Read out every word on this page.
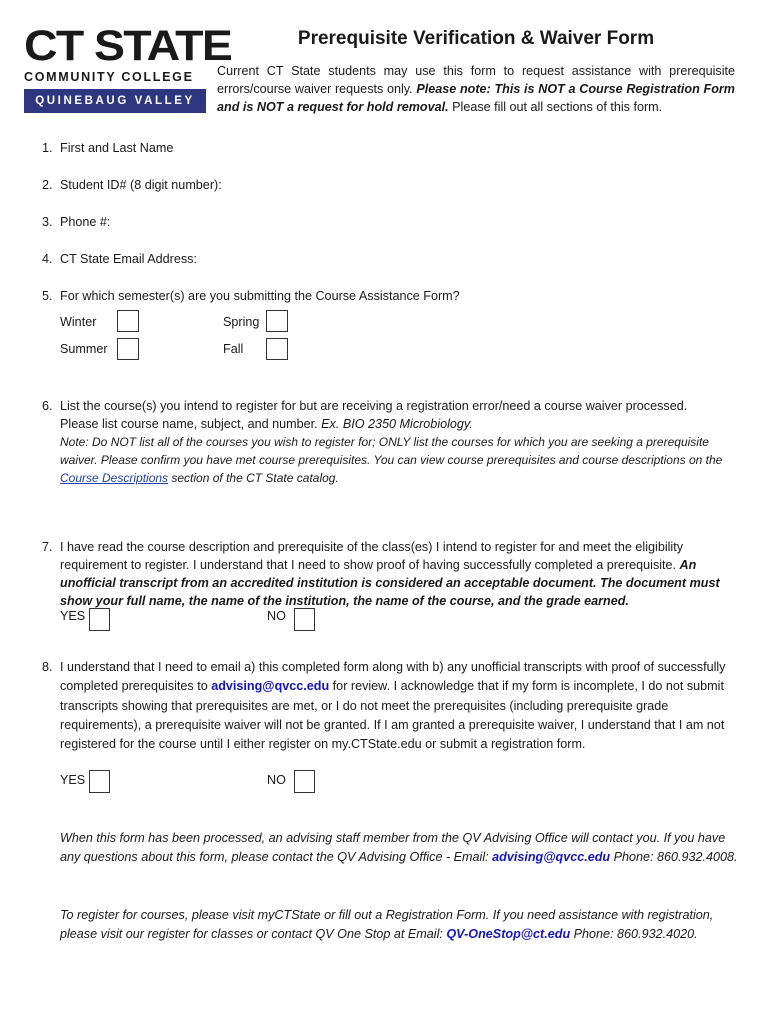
CT STATE
COMMUNITY COLLEGE
QUINEBAUG VALLEY
Prerequisite Verification & Waiver Form
Current CT State students may use this form to request assistance with prerequisite errors/course waiver requests only. Please note: This is NOT a Course Registration Form and is NOT a request for hold removal. Please fill out all sections of this form.
1. First and Last Name
2. Student ID# (8 digit number):
3. Phone #:
4. CT State Email Address:
5. For which semester(s) are you submitting the Course Assistance Form?
Winter	Spring
Summer	Fall
6. List the course(s) you intend to register for but are receiving a registration error/need a course waiver processed.
Please list course name, subject, and number. Ex. BIO 2350 Microbiology.
Note: Do NOT list all of the courses you wish to register for; ONLY list the courses for which you are seeking a prerequisite waiver. Please confirm you have met course prerequisites. You can view course prerequisites and course descriptions on the
Course Descriptions section of the CT State catalog.
7. I have read the course description and prerequisite of the class(es) I intend to register for and meet the eligibility requirement to register. I understand that I need to show proof of having successfully completed a prerequisite. An unofficial transcript from an accredited institution is considered an acceptable document. The document must show your full name, the name of the institution, the name of the course, and the grade earned.
YES	NO
8. I understand that I need to email a) this completed form along with b) any unofficial transcripts with proof of successfully completed prerequisites to advising@qvcc.edu for review. I acknowledge that if my form is incomplete, I do not submit transcripts showing that prerequisites are met, or I do not meet the prerequisites (including prerequisite grade requirements), a prerequisite waiver will not be granted. If I am granted a prerequisite waiver, I understand that I am not registered for the course until I either register on my.CTState.edu or submit a registration form.
YES	NO
When this form has been processed, an advising staff member from the QV Advising Office will contact you. If you have any questions about this form, please contact the QV Advising Office - Email: advising@qvcc.edu Phone: 860.932.4008.
To register for courses, please visit myCTState or fill out a Registration Form. If you need assistance with registration, please visit our register for classes or contact QV One Stop at Email: QV-OneStop@ct.edu Phone: 860.932.4020.
